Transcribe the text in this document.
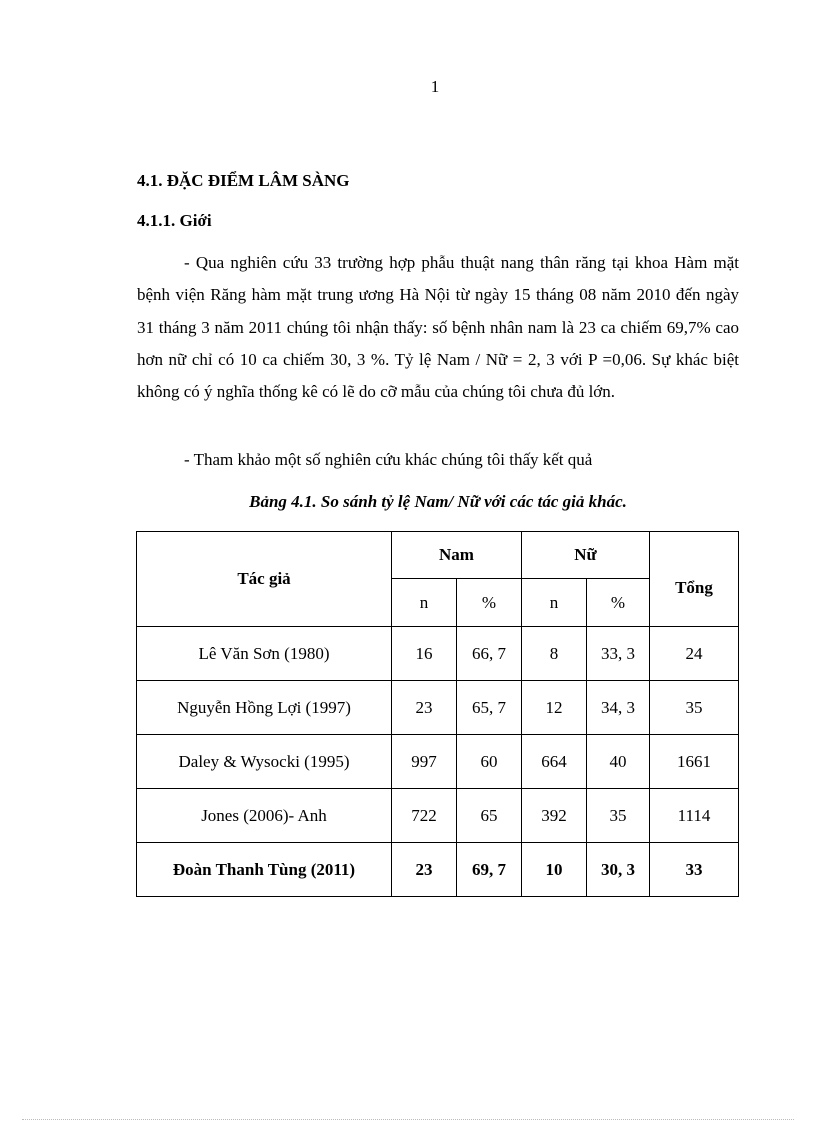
1
4.1. ĐẶC ĐIỂM LÂM SÀNG
4.1.1. Giới

- Qua nghiên cứu 33 trường hợp phẫu thuật nang thân răng tại khoa Hàm mặt bệnh viện Răng hàm mặt trung ương Hà Nội từ ngày 15 tháng 08 năm 2010 đến ngày 31 tháng 3 năm 2011 chúng tôi nhận thấy: số bệnh nhân nam là 23 ca chiếm 69,7% cao hơn nữ chỉ có 10 ca chiếm 30, 3 %. Tỷ lệ Nam / Nữ = 2, 3 với P =0,06. Sự khác biệt không có ý nghĩa thống kê có lẽ do cỡ mẫu của chúng tôi chưa đủ lớn.

- Tham khảo một số nghiên cứu khác chúng tôi thấy kết quả

Bảng 4.1. So sánh tỷ lệ Nam/ Nữ với các tác giả khác.
Tác giả	Nam		Nữ		Tổng
	n	%	n	%	
Lê Văn Sơn (1980)	16	66, 7	8	33, 3	24
Nguyễn Hồng Lợi (1997)	23	65, 7	12	34, 3	35
Daley & Wysocki (1995)	997	60	664	40	1661
Jones (2006)- Anh	722	65	392	35	1114
Đoàn Thanh Tùng (2011)	23	69, 7	10	30, 3	33
